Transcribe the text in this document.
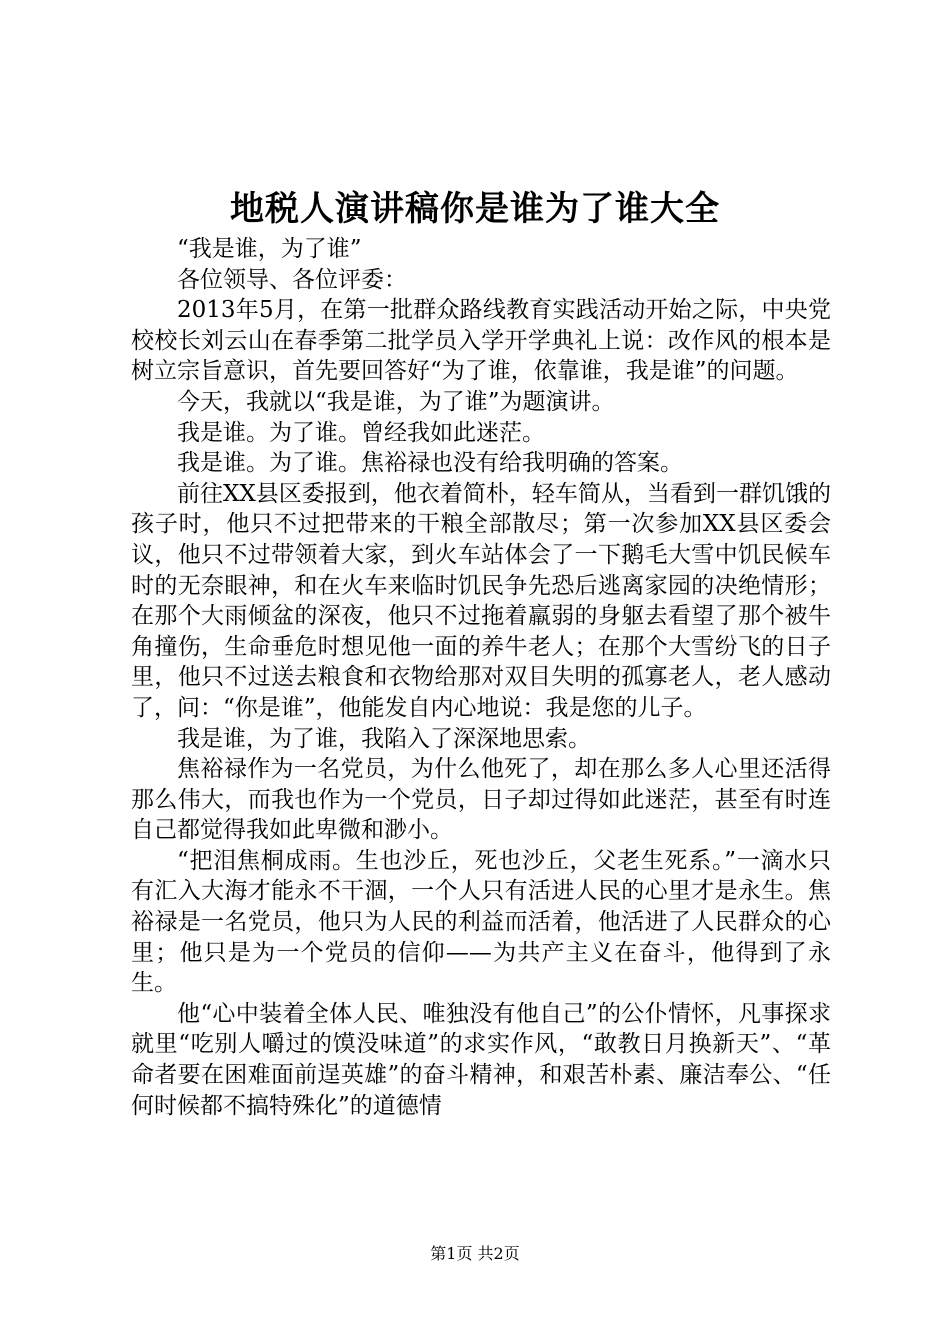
地税人演讲稿你是谁为了谁大全

“我是谁，为了谁”

各位领导、各位评委：

2013年5月，在第一批群众路线教育实践活动开始之际，中央党校校长刘云山在春季第二批学员入学开学典礼上说：改作风的根本是树立宗旨意识，首先要回答好“为了谁，依靠谁，我是谁”的问题。

今天，我就以“我是谁，为了谁”为题演讲。

我是谁。为了谁。曾经我如此迷茫。

我是谁。为了谁。焦裕禄也没有给我明确的答案。

前往XX县区委报到，他衣着简朴，轻车简从，当看到一群饥饿的孩子时，他只不过把带来的干粮全部散尽；第一次参加XX县区委会议，他只不过带领着大家，到火车站体会了一下鹅毛大雪中饥民候车时的无奈眼神，和在火车来临时饥民争先恐后逃离家园的决绝情形；在那个大雨倾盆的深夜，他只不过拖着羸弱的身躯去看望了那个被牛角撞伤，生命垂危时想见他一面的养牛老人；在那个大雪纷飞的日子里，他只不过送去粮食和衣物给那对双目失明的孤寡老人，老人感动了，问：“你是谁”，他能发自内心地说：我是您的儿子。

我是谁，为了谁，我陷入了深深地思索。

焦裕禄作为一名党员，为什么他死了，却在那么多人心里还活得那么伟大，而我也作为一个党员，日子却过得如此迷茫，甚至有时连自己都觉得我如此卑微和渺小。

“把泪焦桐成雨。生也沙丘，死也沙丘，父老生死系。”一滴水只有汇入大海才能永不干涸，一个人只有活进人民的心里才是永生。焦裕禄是一名党员，他只为人民的利益而活着，他活进了人民群众的心里；他只是为一个党员的信仰——为共产主义在奋斗，他得到了永生。

他“心中装着全体人民、唯独没有他自己”的公仆情怀，凡事探求就里“吃别人嚼过的馍没味道”的求实作风，“敢教日月换新天”、“革命者要在困难面前逞英雄”的奋斗精神，和艰苦朴素、廉洁奉公、“任何时候都不搞特殊化”的道德情

第1页 共2页
